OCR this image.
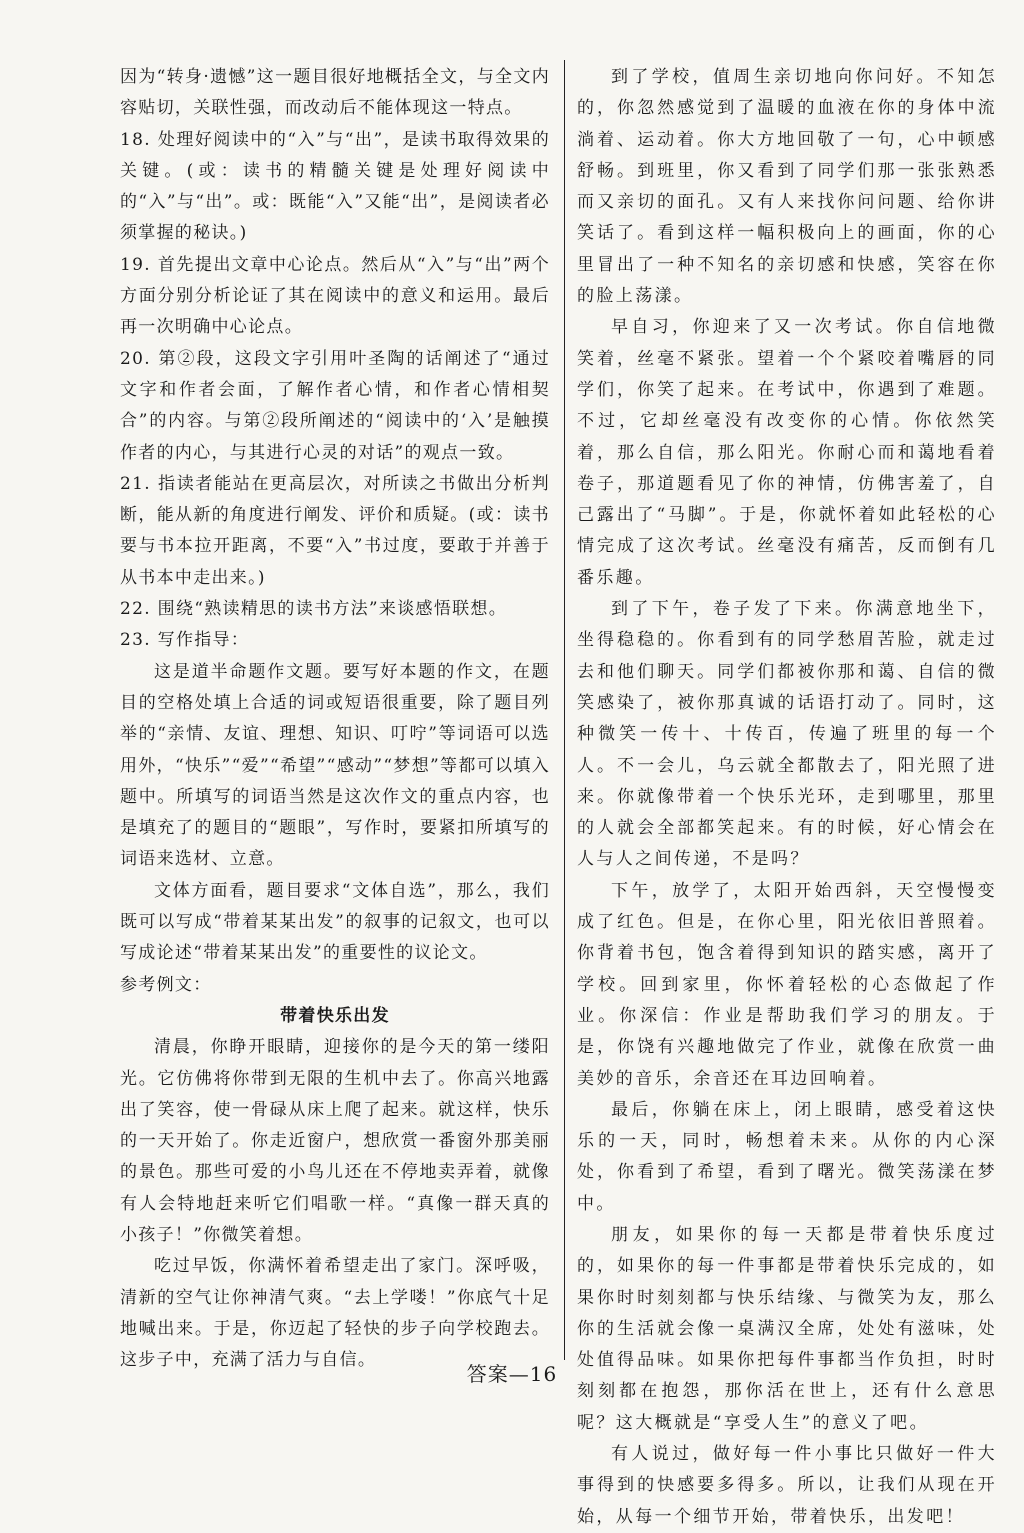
因为“转身·遗憾”这一题目很好地概括全文，与全文内容贴切，关联性强，而改动后不能体现这一特点。

18. 处理好阅读中的“入”与“出”，是读书取得效果的关键。(或：读书的精髓关键是处理好阅读中的“入”与“出”。或：既能“入”又能“出”，是阅读者必须掌握的秘诀。)

19. 首先提出文章中心论点。然后从“入”与“出”两个方面分别分析论证了其在阅读中的意义和运用。最后再一次明确中心论点。

20. 第②段，这段文字引用叶圣陶的话阐述了“通过文字和作者会面，了解作者心情，和作者心情相契合”的内容。与第②段所阐述的“阅读中的‘入’是触摸作者的内心，与其进行心灵的对话”的观点一致。

21. 指读者能站在更高层次，对所读之书做出分析判断，能从新的角度进行阐发、评价和质疑。(或：读书要与书本拉开距离，不要“入”书过度，要敢于并善于从书本中走出来。)

22. 围绕“熟读精思的读书方法”来谈感悟联想。

23. 写作指导：

这是道半命题作文题。要写好本题的作文，在题目的空格处填上合适的词或短语很重要，除了题目列举的“亲情、友谊、理想、知识、叮咛”等词语可以选用外，“快乐”“爱”“希望”“感动”“梦想”等都可以填入题中。所填写的词语当然是这次作文的重点内容，也是填充了的题目的“题眼”，写作时，要紧扣所填写的词语来选材、立意。

文体方面看，题目要求“文体自选”，那么，我们既可以写成“带着某某出发”的叙事的记叙文，也可以写成论述“带着某某出发”的重要性的议论文。

参考例文：

带着快乐出发

清晨，你睁开眼睛，迎接你的是今天的第一缕阳光。它仿佛将你带到无限的生机中去了。你高兴地露出了笑容，使一骨碌从床上爬了起来。就这样，快乐的一天开始了。你走近窗户，想欣赏一番窗外那美丽的景色。那些可爱的小鸟儿还在不停地卖弄着，就像有人会特地赶来听它们唱歌一样。“真像一群天真的小孩子！”你微笑着想。

吃过早饭，你满怀着希望走出了家门。深呼吸，清新的空气让你神清气爽。“去上学喽！”你底气十足地喊出来。于是，你迈起了轻快的步子向学校跑去。这步子中，充满了活力与自信。

到了学校，值周生亲切地向你问好。不知怎的，你忽然感觉到了温暖的血液在你的身体中流淌着、运动着。你大方地回敬了一句，心中顿感舒畅。到班里，你又看到了同学们那一张张熟悉而又亲切的面孔。又有人来找你问问题、给你讲笑话了。看到这样一幅积极向上的画面，你的心里冒出了一种不知名的亲切感和快感，笑容在你的脸上荡漾。

早自习，你迎来了又一次考试。你自信地微笑着，丝毫不紧张。望着一个个紧咬着嘴唇的同学们，你笑了起来。在考试中，你遇到了难题。不过，它却丝毫没有改变你的心情。你依然笑着，那么自信，那么阳光。你耐心而和蔼地看着卷子，那道题看见了你的神情，仿佛害羞了，自己露出了“马脚”。于是，你就怀着如此轻松的心情完成了这次考试。丝毫没有痛苦，反而倒有几番乐趣。

到了下午，卷子发了下来。你满意地坐下，坐得稳稳的。你看到有的同学愁眉苦脸，就走过去和他们聊天。同学们都被你那和蔼、自信的微笑感染了，被你那真诚的话语打动了。同时，这种微笑一传十、十传百，传遍了班里的每一个人。不一会儿，乌云就全都散去了，阳光照了进来。你就像带着一个快乐光环，走到哪里，那里的人就会全部都笑起来。有的时候，好心情会在人与人之间传递，不是吗？

下午，放学了，太阳开始西斜，天空慢慢变成了红色。但是，在你心里，阳光依旧普照着。你背着书包，饱含着得到知识的踏实感，离开了学校。回到家里，你怀着轻松的心态做起了作业。你深信：作业是帮助我们学习的朋友。于是，你饶有兴趣地做完了作业，就像在欣赏一曲美妙的音乐，余音还在耳边回响着。

最后，你躺在床上，闭上眼睛，感受着这快乐的一天，同时，畅想着未来。从你的内心深处，你看到了希望，看到了曙光。微笑荡漾在梦中。

朋友，如果你的每一天都是带着快乐度过的，如果你的每一件事都是带着快乐完成的，如果你时时刻刻都与快乐结缘、与微笑为友，那么你的生活就会像一桌满汉全席，处处有滋味，处处值得品味。如果你把每件事都当作负担，时时刻刻都在抱怨，那你活在世上，还有什么意思呢？这大概就是“享受人生”的意义了吧。

有人说过，做好每一件小事比只做好一件大事得到的快感要多得多。所以，让我们从现在开始，从每一个细节开始，带着快乐，出发吧！

答案—16
